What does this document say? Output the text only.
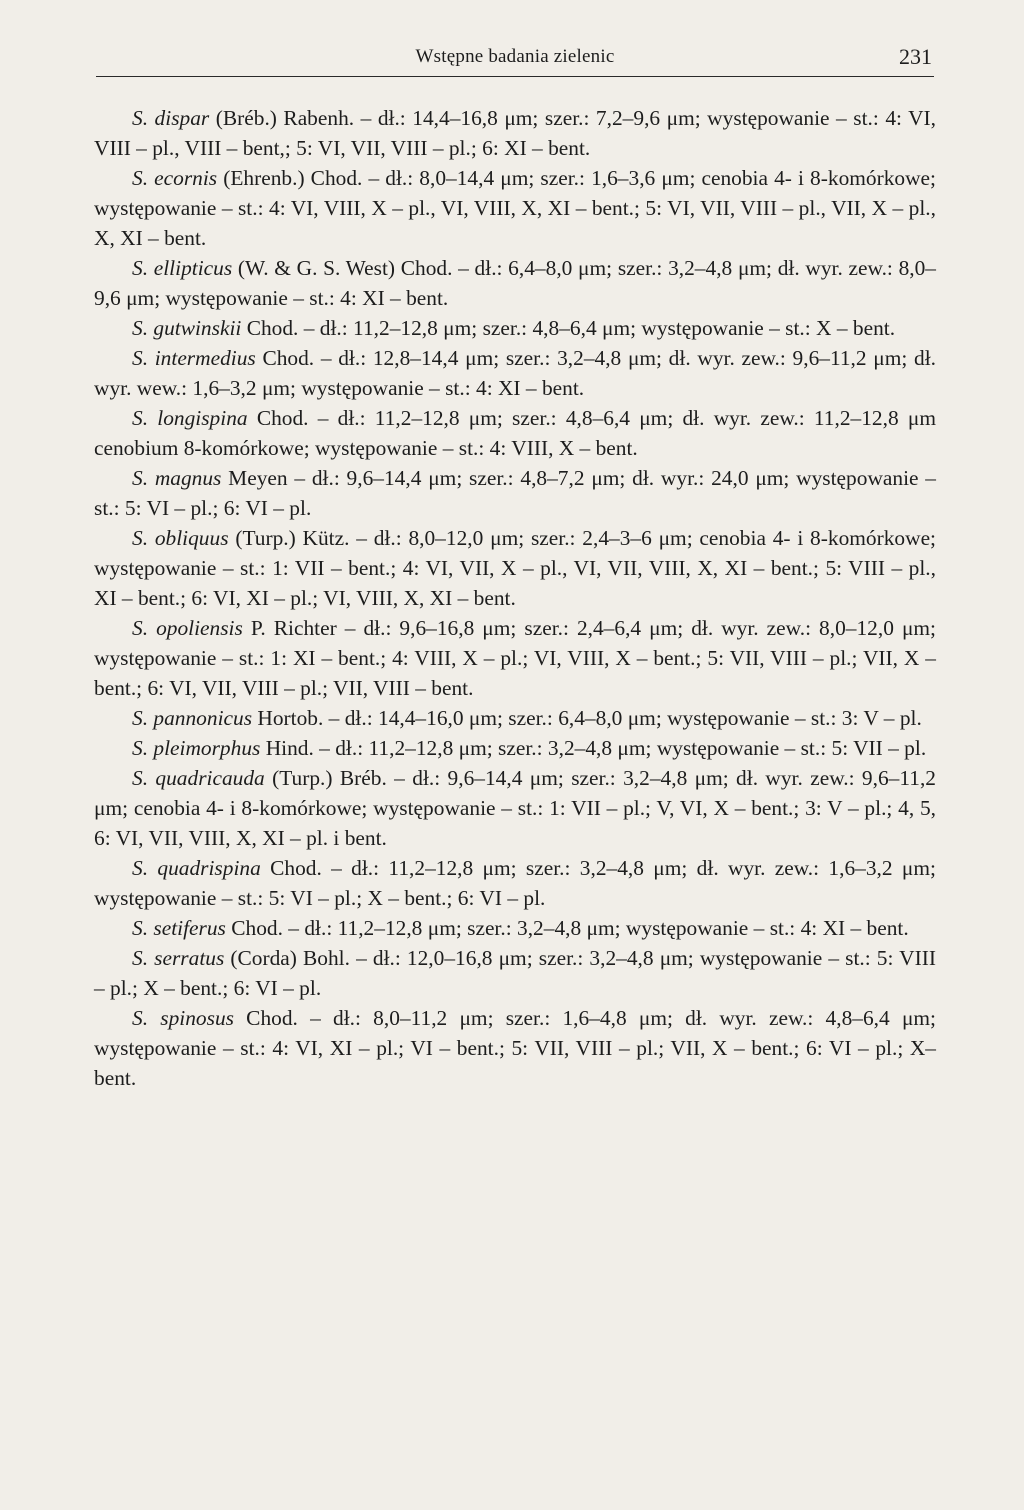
Wstępne badania zielenic	231

S. dispar (Bréb.) Rabenh. – dł.: 14,4–16,8 μm; szer.: 7,2–9,6 μm; występowanie – st.: 4: VI, VIII – pl., VIII – bent,; 5: VI, VII, VIII – pl.; 6: XI – bent.

S. ecornis (Ehrenb.) Chod. – dł.: 8,0–14,4 μm; szer.: 1,6–3,6 μm; cenobia 4- i 8-komórkowe; występowanie – st.: 4: VI, VIII, X – pl., VI, VIII, X, XI – bent.; 5: VI, VII, VIII – pl., VII, X – pl., X, XI – bent.

S. ellipticus (W. & G. S. West) Chod. – dł.: 6,4–8,0 μm; szer.: 3,2–4,8 μm; dł. wyr. zew.: 8,0–9,6 μm; występowanie – st.: 4: XI – bent.

S. gutwinskii Chod. – dł.: 11,2–12,8 μm; szer.: 4,8–6,4 μm; występowanie – st.: X – bent.

S. intermedius Chod. – dł.: 12,8–14,4 μm; szer.: 3,2–4,8 μm; dł. wyr. zew.: 9,6–11,2 μm; dł. wyr. wew.: 1,6–3,2 μm; występowanie – st.: 4: XI – bent.

S. longispina Chod. – dł.: 11,2–12,8 μm; szer.: 4,8–6,4 μm; dł. wyr. zew.: 11,2–12,8 μm cenobium 8-komórkowe; występowanie – st.: 4: VIII, X – bent.

S. magnus Meyen – dł.: 9,6–14,4 μm; szer.: 4,8–7,2 μm; dł. wyr.: 24,0 μm; występowanie – st.: 5: VI – pl.; 6: VI – pl.

S. obliquus (Turp.) Kütz. – dł.: 8,0–12,0 μm; szer.: 2,4–3–6 μm; cenobia 4- i 8-komórkowe; występowanie – st.: 1: VII – bent.; 4: VI, VII, X – pl., VI, VII, VIII, X, XI – bent.; 5: VIII – pl., XI – bent.; 6: VI, XI – pl.; VI, VIII, X, XI – bent.

S. opoliensis P. Richter – dł.: 9,6–16,8 μm; szer.: 2,4–6,4 μm; dł. wyr. zew.: 8,0–12,0 μm; występowanie – st.: 1: XI – bent.; 4: VIII, X – pl.; VI, VIII, X – bent.; 5: VII, VIII – pl.; VII, X – bent.; 6: VI, VII, VIII – pl.; VII, VIII – bent.

S. pannonicus Hortob. – dł.: 14,4–16,0 μm; szer.: 6,4–8,0 μm; występowanie – st.: 3: V – pl.

S. pleimorphus Hind. – dł.: 11,2–12,8 μm; szer.: 3,2–4,8 μm; występowanie – st.: 5: VII – pl.

S. quadricauda (Turp.) Bréb. – dł.: 9,6–14,4 μm; szer.: 3,2–4,8 μm; dł. wyr. zew.: 9,6–11,2 μm; cenobia 4- i 8-komórkowe; występowanie – st.: 1: VII – pl.; V, VI, X – bent.; 3: V – pl.; 4, 5, 6: VI, VII, VIII, X, XI – pl. i bent.

S. quadrispina Chod. – dł.: 11,2–12,8 μm; szer.: 3,2–4,8 μm; dł. wyr. zew.: 1,6–3,2 μm; występowanie – st.: 5: VI – pl.; X – bent.; 6: VI – pl.

S. setiferus Chod. – dł.: 11,2–12,8 μm; szer.: 3,2–4,8 μm; występowanie – st.: 4: XI – bent.

S. serratus (Corda) Bohl. – dł.: 12,0–16,8 μm; szer.: 3,2–4,8 μm; występowanie – st.: 5: VIII – pl.; X – bent.; 6: VI – pl.

S. spinosus Chod. – dł.: 8,0–11,2 μm; szer.: 1,6–4,8 μm; dł. wyr. zew.: 4,8–6,4 μm; występowanie – st.: 4: VI, XI – pl.; VI – bent.; 5: VII, VIII – pl.; VII, X – bent.; 6: VI – pl.; X– bent.
